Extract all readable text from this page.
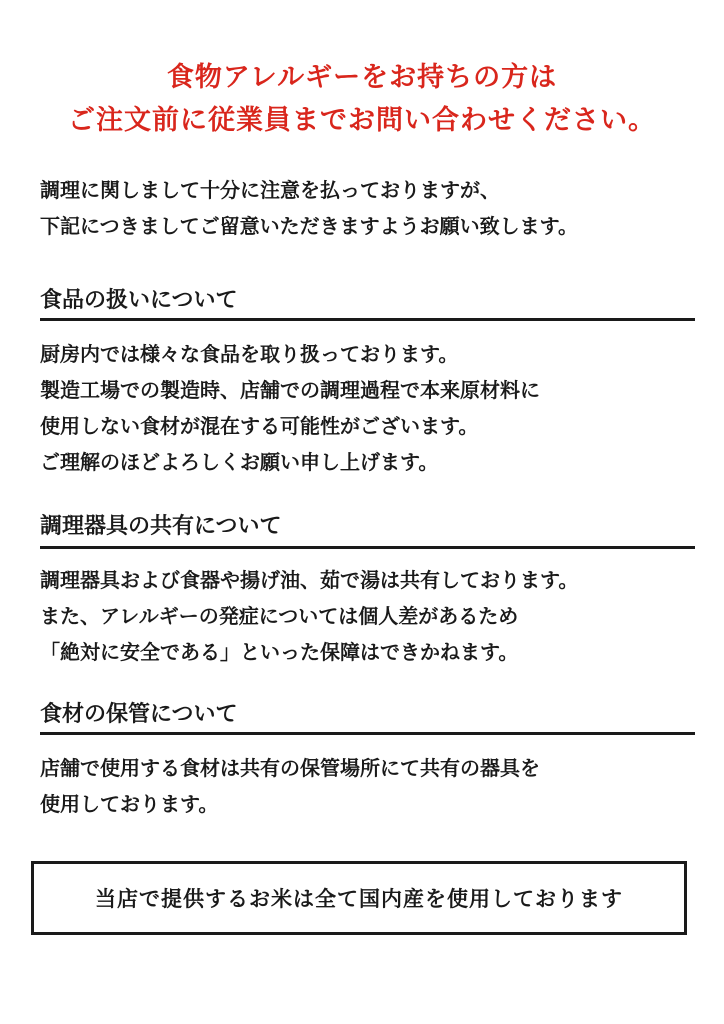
食物アレルギーをお持ちの方は
ご注文前に従業員までお問い合わせください。
調理に関しまして十分に注意を払っておりますが、
下記につきましてご留意いただきますようお願い致します。
食品の扱いについて
厨房内では様々な食品を取り扱っております。
製造工場での製造時、店舗での調理過程で本来原材料に
使用しない食材が混在する可能性がございます。
ご理解のほどよろしくお願い申し上げます。
調理器具の共有について
調理器具および食器や揚げ油、茹で湯は共有しております。
また、アレルギーの発症については個人差があるため
「絶対に安全である」といった保障はできかねます。
食材の保管について
店舗で使用する食材は共有の保管場所にて共有の器具を
使用しております。
当店で提供するお米は全て国内産を使用しております
